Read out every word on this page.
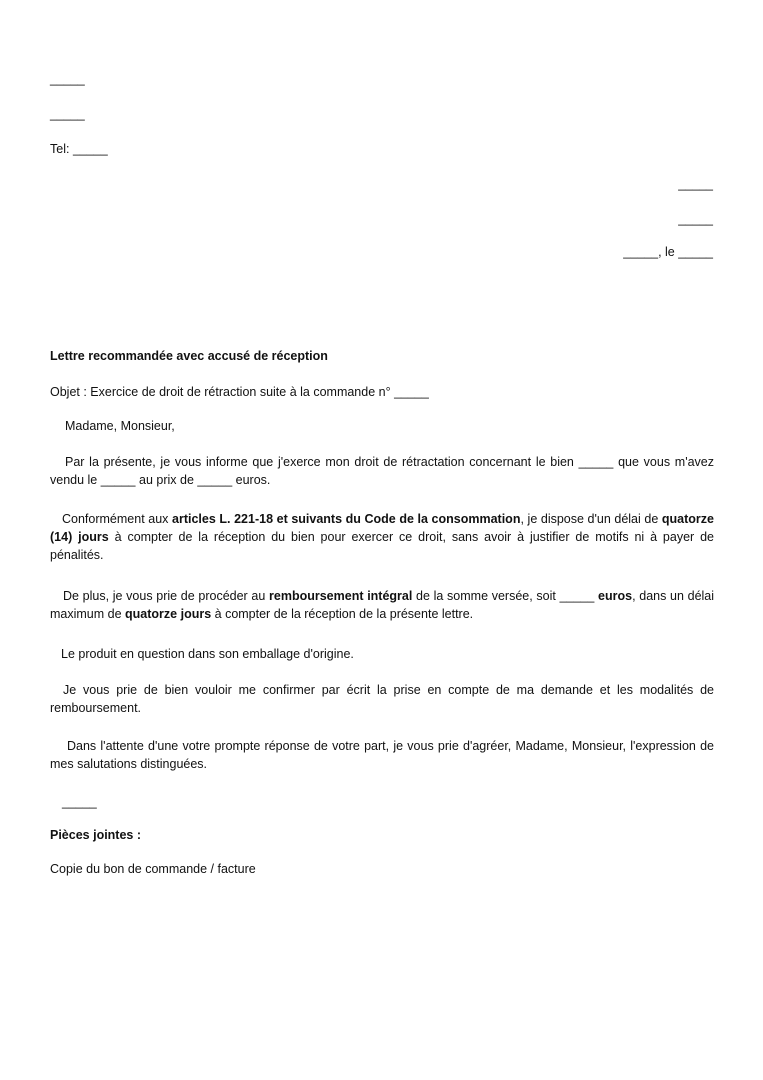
_____
_____
Tel: _____
_____
_____
_____, le _____
Lettre recommandée avec accusé de réception
Objet : Exercice de droit de rétraction suite à la commande n° _____
Madame, Monsieur,
Par la présente, je vous informe que j'exerce mon droit de rétractation concernant le bien _____ que vous m'avez vendu le _____ au prix de _____ euros.
Conformément aux articles L. 221-18 et suivants du Code de la consommation, je dispose d'un délai de quatorze (14) jours à compter de la réception du bien pour exercer ce droit, sans avoir à justifier de motifs ni à payer de pénalités.
De plus, je vous prie de procéder au remboursement intégral de la somme versée, soit _____ euros, dans un délai maximum de quatorze jours à compter de la réception de la présente lettre.
Le produit en question dans son emballage d'origine.
Je vous prie de bien vouloir me confirmer par écrit la prise en compte de ma demande et les modalités de remboursement.
Dans l'attente d'une votre prompte réponse de votre part, je vous prie d'agréer, Madame, Monsieur, l'expression de mes salutations distinguées.
_____
Pièces jointes :
Copie du bon de commande / facture
